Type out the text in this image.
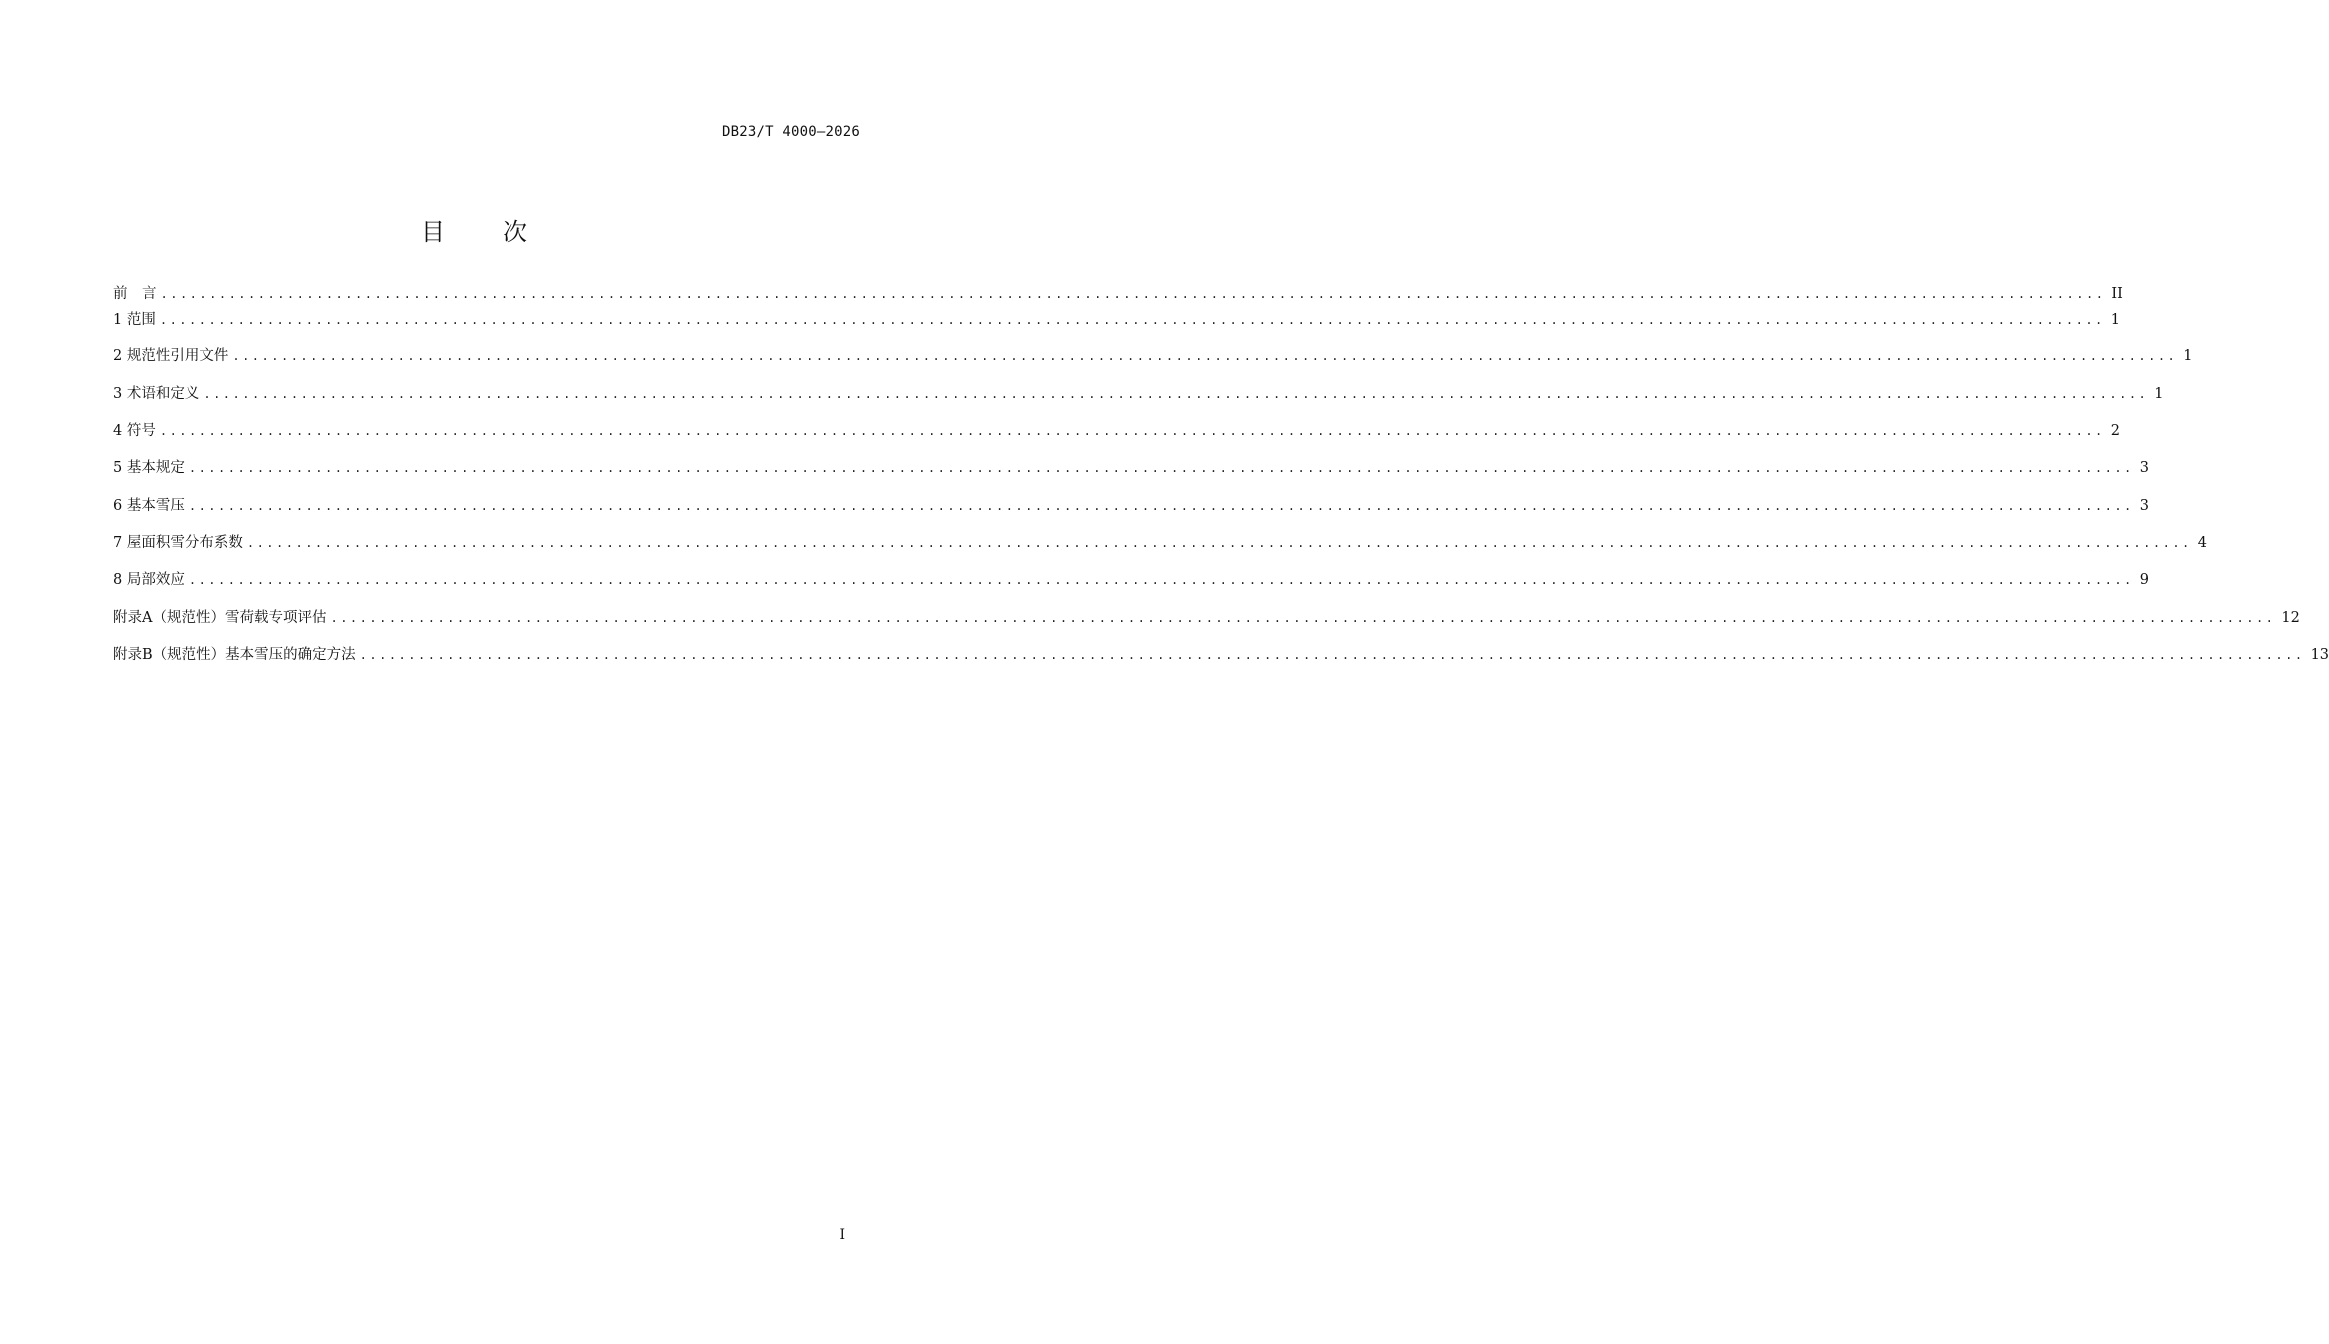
DB23/T 4000—2026
目 次
前　言 ........................................................................................................................................................................................................ II
1 范围 ........................................................................................................................................................................................................ 1
2 规范性引用文件 ........................................................................................................................................................................................................ 1
3 术语和定义 ........................................................................................................................................................................................................ 1
4 符号 ........................................................................................................................................................................................................ 2
5 基本规定 ........................................................................................................................................................................................................ 3
6 基本雪压 ........................................................................................................................................................................................................ 3
7 屋面积雪分布系数 ........................................................................................................................................................................................................ 4
8 局部效应 ........................................................................................................................................................................................................ 9
附录A（规范性）雪荷载专项评估 ........................................................................................................................................................................................................ 12
附录B（规范性）基本雪压的确定方法 ........................................................................................................................................................................................................ 13
I
